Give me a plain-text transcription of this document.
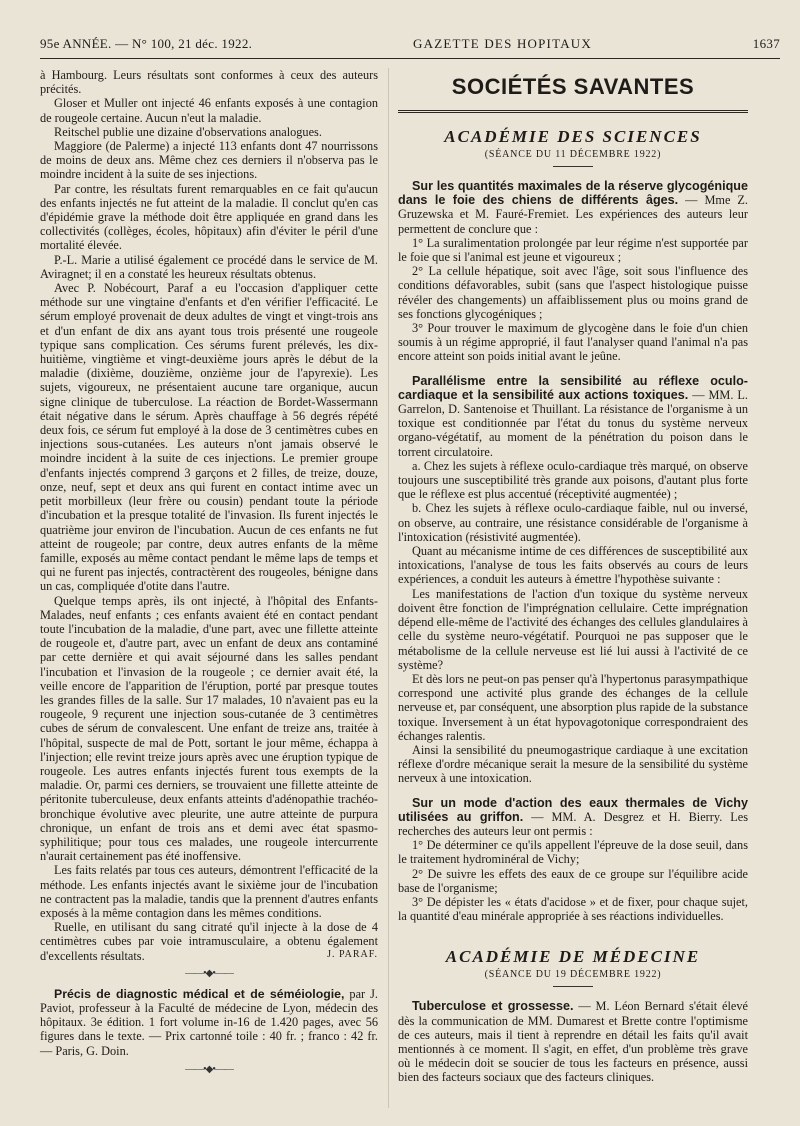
95e ANNÉE. — N° 100, 21 déc. 1922.	GAZETTE DES HOPITAUX	1637

à Hambourg. Leurs résultats sont conformes à ceux des auteurs précités.

Gloser et Muller ont injecté 46 enfants exposés à une contagion de rougeole certaine. Aucun n'eut la maladie.

Reitschel publie une dizaine d'observations analogues.

Maggiore (de Palerme) a injecté 113 enfants dont 47 nourrissons de moins de deux ans. Même chez ces derniers il n'observa pas le moindre incident à la suite de ses injections.

Par contre, les résultats furent remarquables en ce fait qu'aucun des enfants injectés ne fut atteint de la maladie. Il conclut qu'en cas d'épidémie grave la méthode doit être appliquée en grand dans les collectivités (collèges, écoles, hôpitaux) afin d'éviter le péril d'une mortalité élevée.

P.-L. Marie a utilisé également ce procédé dans le service de M. Aviragnet; il en a constaté les heureux résultats obtenus.

Avec P. Nobécourt, Paraf a eu l'occasion d'appliquer cette méthode sur une vingtaine d'enfants et d'en vérifier l'efficacité. Le sérum employé provenait de deux adultes de vingt et vingt-trois ans et d'un enfant de dix ans ayant tous trois présenté une rougeole typique sans complication. Ces sérums furent prélevés, les dix-huitième, vingtième et vingt-deuxième jours après le début de la maladie (dixième, douzième, onzième jour de l'apyrexie). Les sujets, vigoureux, ne présentaient aucune tare organique, aucun signe clinique de tuberculose. La réaction de Bordet-Wassermann était négative dans le sérum. Après chauffage à 56 degrés répété deux fois, ce sérum fut employé à la dose de 3 centimètres cubes en injections sous-cutanées. Les auteurs n'ont jamais observé le moindre incident à la suite de ces injections. Le premier groupe d'enfants injectés comprend 3 garçons et 2 filles, de treize, douze, onze, neuf, sept et deux ans qui furent en contact intime avec un petit morbilleux (leur frère ou cousin) pendant toute la période d'incubation et la presque totalité de l'invasion. Ils furent injectés le quatrième jour environ de l'incubation. Aucun de ces enfants ne fut atteint de rougeole; par contre, deux autres enfants de la même famille, exposés au même contact pendant le même laps de temps et qui ne furent pas injectés, contractèrent des rougeoles, bénigne dans un cas, compliquée d'otite dans l'autre.

Quelque temps après, ils ont injecté, à l'hôpital des Enfants-Malades, neuf enfants ; ces enfants avaient été en contact pendant toute l'incubation de la maladie, d'une part, avec une fillette atteinte de rougeole et, d'autre part, avec un enfant de deux ans contaminé par cette dernière et qui avait séjourné dans les salles pendant l'incubation et l'invasion de la rougeole ; ce dernier avait été, la veille encore de l'apparition de l'éruption, porté par presque toutes les grandes filles de la salle. Sur 17 malades, 10 n'avaient pas eu la rougeole, 9 reçurent une injection sous-cutanée de 3 centimètres cubes de sérum de convalescent. Une enfant de treize ans, traitée à l'hôpital, suspecte de mal de Pott, sortant le jour même, échappa à l'injection; elle revint treize jours après avec une éruption typique de rougeole. Les autres enfants injectés furent tous exempts de la maladie. Or, parmi ces derniers, se trouvaient une fillette atteinte de péritonite tuberculeuse, deux enfants atteints d'adénopathie trachéo-bronchique évolutive avec pleurite, une autre atteinte de purpura chronique, un enfant de trois ans et demi avec état spasmo-syphilitique; pour tous ces malades, une rougeole intercurrente n'aurait certainement pas été inoffensive.

Les faits relatés par tous ces auteurs, démontrent l'efficacité de la méthode. Les enfants injectés avant le sixième jour de l'incubation ne contractent pas la maladie, tandis que la prennent d'autres enfants exposés à la même contagion dans les mêmes conditions.

Ruelle, en utilisant du sang citraté qu'il injecte à la dose de 4 centimètres cubes par voie intramusculaire, a obtenu également d'excellents résultats.	J. PARAF.
——•◆•——

Précis de diagnostic médical et de séméiologie, par J. Paviot, professeur à la Faculté de médecine de Lyon, médecin des hôpitaux. 3e édition. 1 fort volume in-16 de 1.420 pages, avec 56 figures dans le texte. — Prix cartonné toile : 40 fr. ; franco : 42 fr. — Paris, G. Doin.

——•◆•——
SOCIÉTÉS SAVANTES
ACADÉMIE DES SCIENCES
(SÉANCE DU 11 DÉCEMBRE 1922)

Sur les quantités maximales de la réserve glycogénique dans le foie des chiens de différents âges. — Mme Z. Gruzewska et M. Fauré-Fremiet. Les expériences des auteurs leur permettent de conclure que :

1° La suralimentation prolongée par leur régime n'est supportée par le foie que si l'animal est jeune et vigoureux ;

2° La cellule hépatique, soit avec l'âge, soit sous l'influence des conditions défavorables, subit (sans que l'aspect histologique puisse révéler des changements) un affaiblissement plus ou moins grand de ses fonctions glycogéniques ;

3° Pour trouver le maximum de glycogène dans le foie d'un chien soumis à un régime approprié, il faut l'analyser quand l'animal n'a pas encore atteint son poids initial avant le jeûne.

Parallélisme entre la sensibilité au réflexe oculo-cardiaque et la sensibilité aux actions toxiques. — MM. L. Garrelon, D. Santenoise et Thuillant. La résistance de l'organisme à un toxique est conditionnée par l'état du tonus du système nerveux organo-végétatif, au moment de la pénétration du poison dans le torrent circulatoire.

a. Chez les sujets à réflexe oculo-cardiaque très marqué, on observe toujours une susceptibilité très grande aux poisons, d'autant plus forte que le réflexe est plus accentué (réceptivité augmentée) ;

b. Chez les sujets à réflexe oculo-cardiaque faible, nul ou inversé, on observe, au contraire, une résistance considérable de l'organisme à l'intoxication (résistivité augmentée).

Quant au mécanisme intime de ces différences de susceptibilité aux intoxications, l'analyse de tous les faits observés au cours de leurs expériences, a conduit les auteurs à émettre l'hypothèse suivante :

Les manifestations de l'action d'un toxique du système nerveux doivent être fonction de l'imprégnation cellulaire. Cette imprégnation dépend elle-même de l'activité des échanges des cellules glandulaires à celle du système neuro-végétatif. Pourquoi ne pas supposer que le métabolisme de la cellule nerveuse est lié lui aussi à l'activité de ce système?

Et dès lors ne peut-on pas penser qu'à l'hypertonus parasympathique correspond une activité plus grande des échanges de la cellule nerveuse et, par conséquent, une absorption plus rapide de la substance toxique. Inversement à un état hypovagotonique correspondraient des échanges ralentis.

Ainsi la sensibilité du pneumogastrique cardiaque à une excitation réflexe d'ordre mécanique serait la mesure de la sensibilité du système nerveux à une intoxication.

Sur un mode d'action des eaux thermales de Vichy utilisées au griffon. — MM. A. Desgrez et H. Bierry. Les recherches des auteurs leur ont permis :

1° De déterminer ce qu'ils appellent l'épreuve de la dose seuil, dans le traitement hydrominéral de Vichy;

2° De suivre les effets des eaux de ce groupe sur l'équilibre acide base de l'organisme;

3° De dépister les « états d'acidose » et de fixer, pour chaque sujet, la quantité d'eau minérale appropriée à ses réactions individuelles.

ACADÉMIE DE MÉDECINE
(SÉANCE DU 19 DÉCEMBRE 1922)

Tuberculose et grossesse. — M. Léon Bernard s'était élevé dès la communication de MM. Dumarest et Brette contre l'optimisme de ces auteurs, mais il tient à reprendre en détail les faits qu'il avait mentionnés à ce moment. Il s'agit, en effet, d'un problème très grave où le médecin doit se soucier de tous les facteurs en présence, aussi bien des facteurs sociaux que des facteurs cliniques.
